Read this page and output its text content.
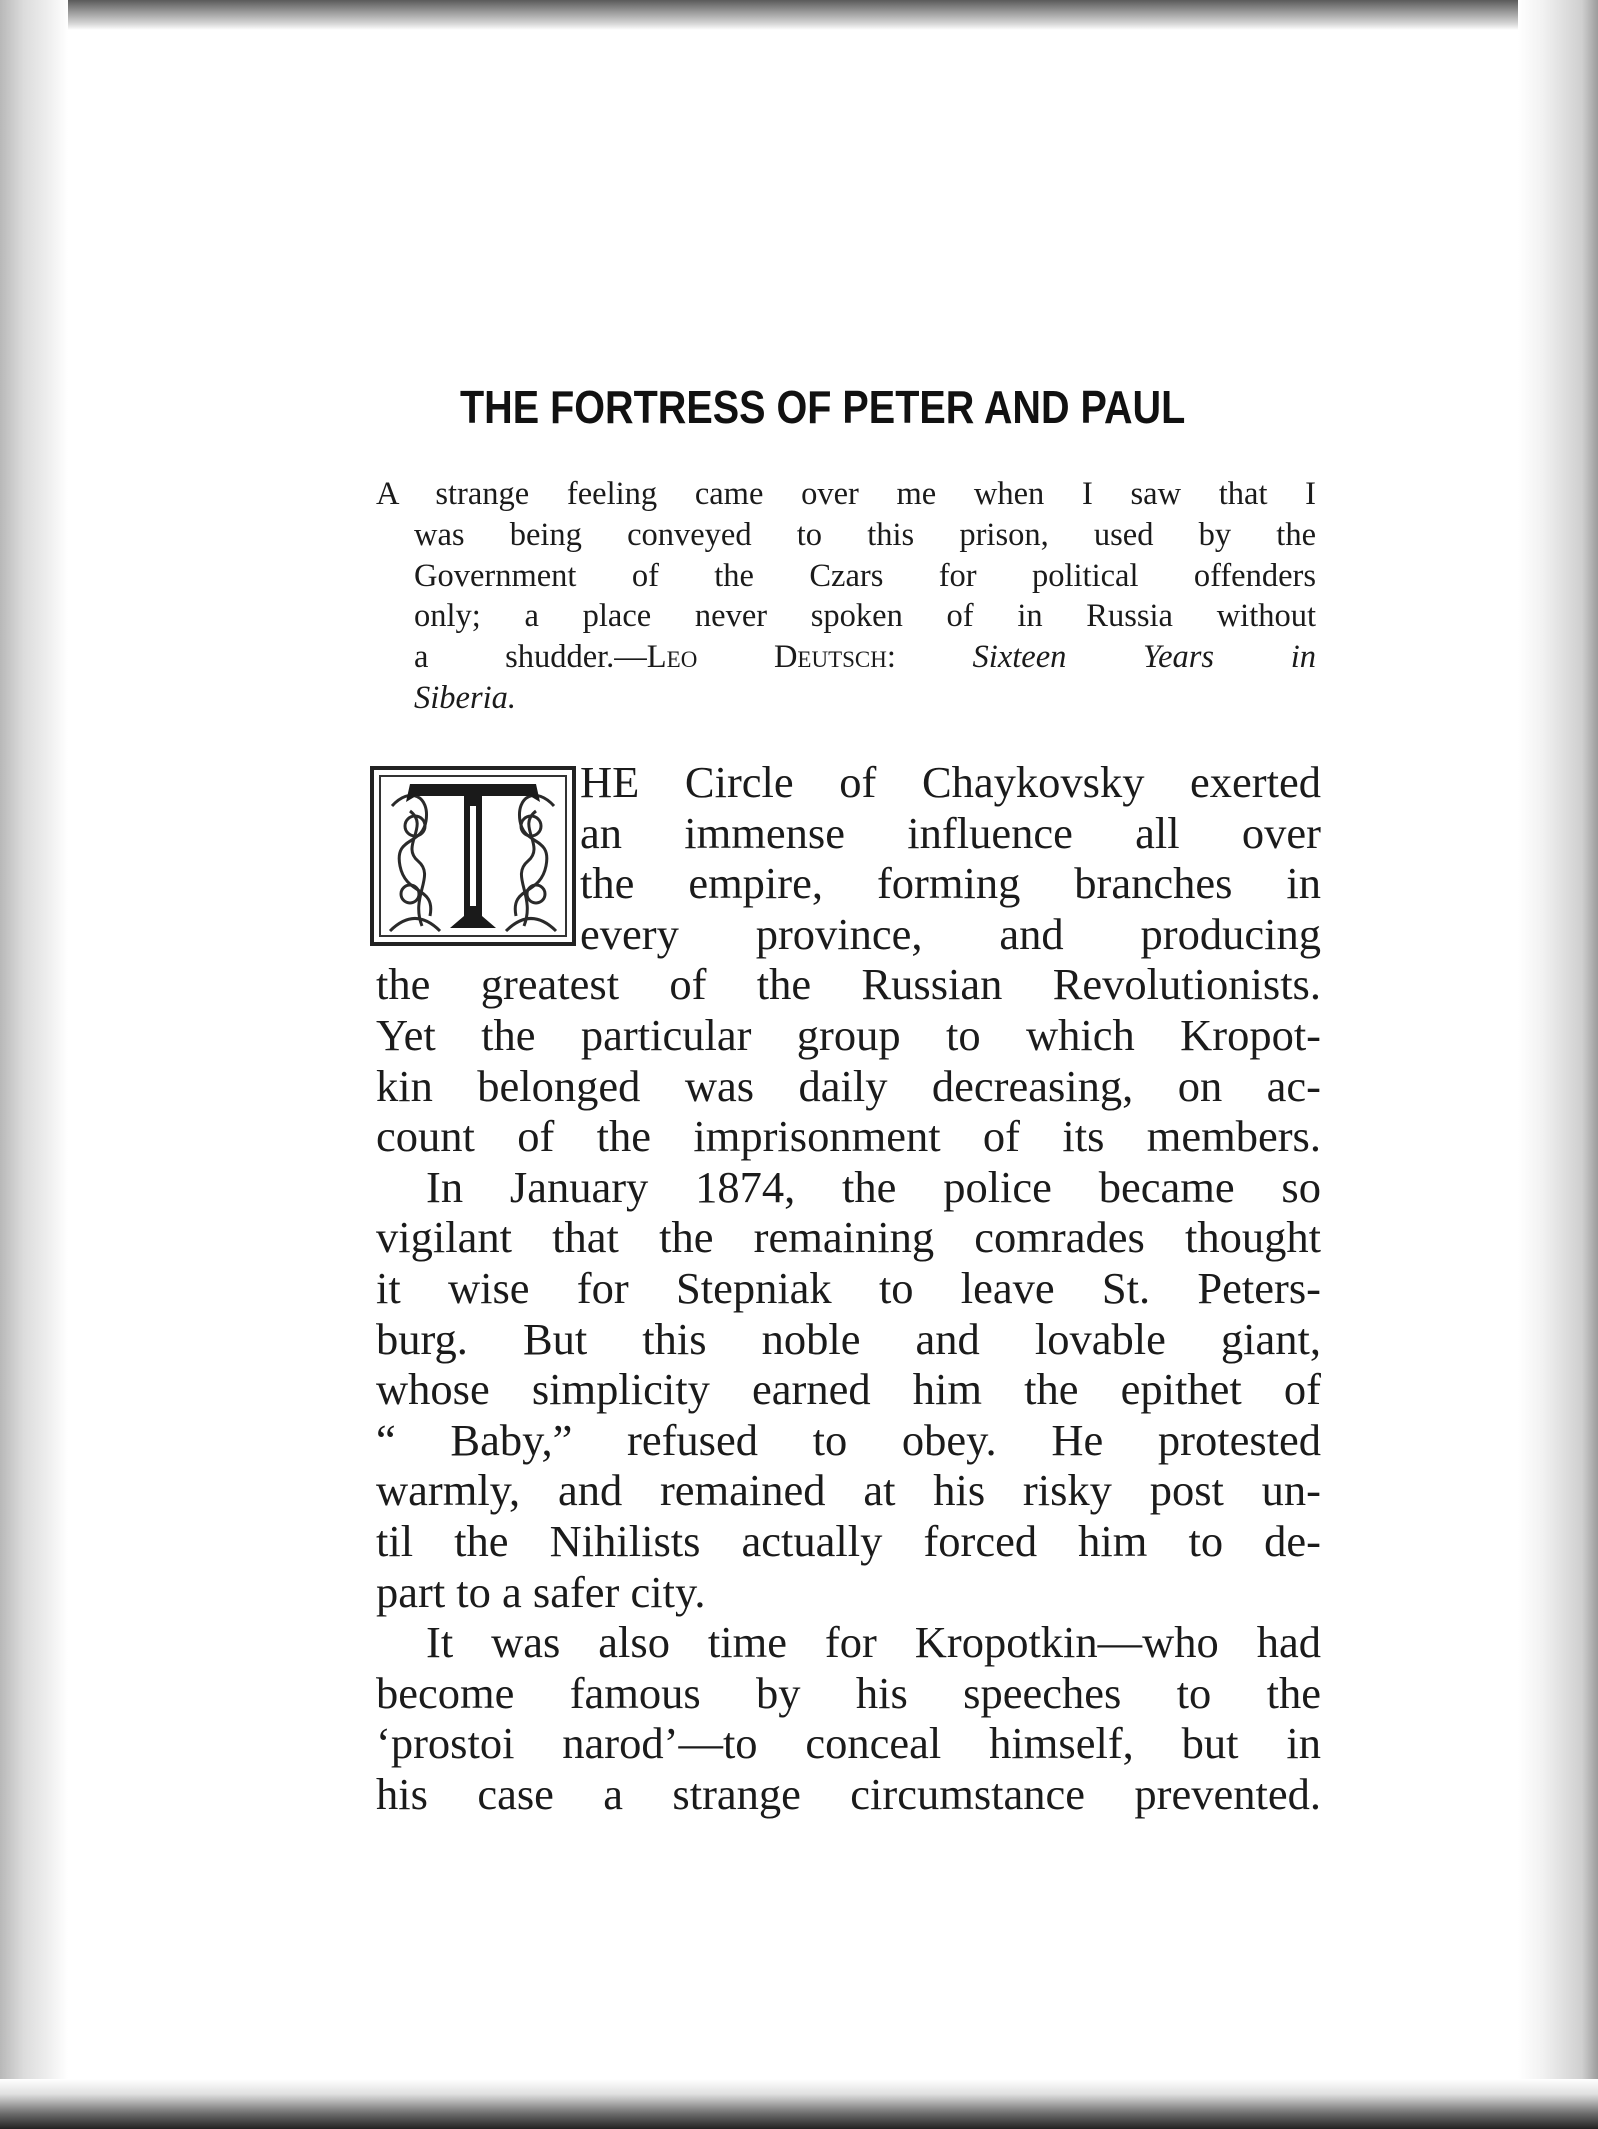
THE FORTRESS OF PETER AND PAUL
A strange feeling came over me when I saw that I
was being conveyed to this prison, used by the
Government of the Czars for political offenders
only; a place never spoken of in Russia without
a shudder.—Leo Deutsch: Sixteen Years in
Siberia.
HE Circle of Chaykovsky exerted
an immense influence all over
the empire, forming branches in
every province, and producing
the greatest of the Russian Revolutionists.
Yet the particular group to which Kropot-
kin belonged was daily decreasing, on ac-
count of the imprisonment of its members.
In January 1874, the police became so
vigilant that the remaining comrades thought
it wise for Stepniak to leave St. Peters-
burg. But this noble and lovable giant,
whose simplicity earned him the epithet of
“ Baby,” refused to obey. He protested
warmly, and remained at his risky post un-
til the Nihilists actually forced him to de-
part to a safer city.
It was also time for Kropotkin—who had
become famous by his speeches to the
‘prostoi narod’—to conceal himself, but in
his case a strange circumstance prevented.
